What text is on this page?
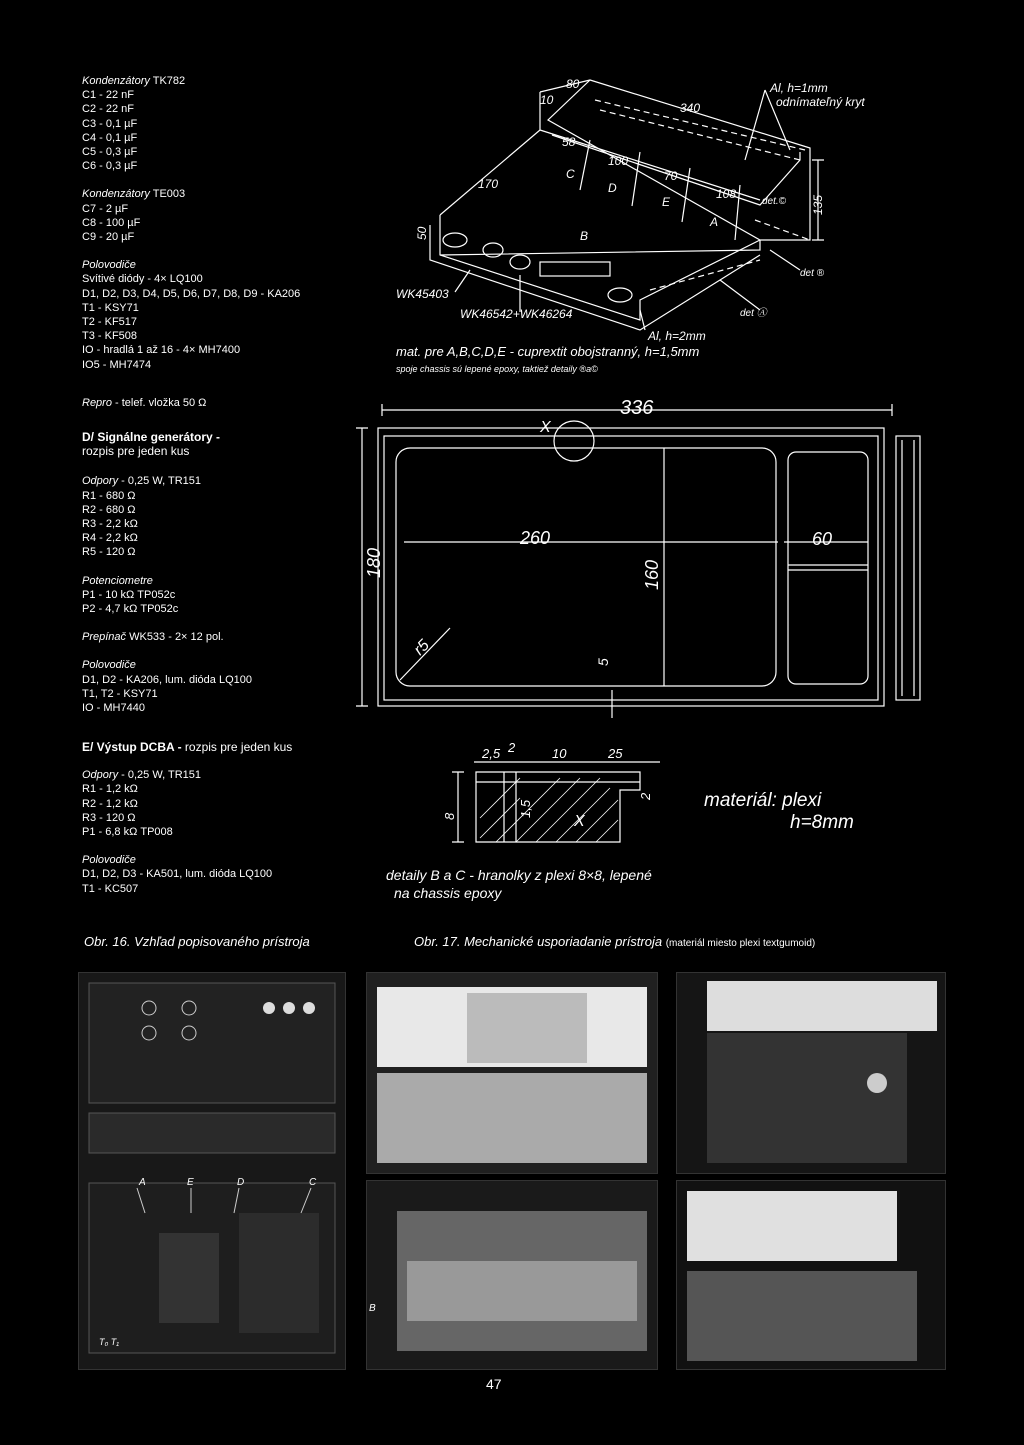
Kondenzátory TK782
C1 - 22 nF
C2 - 22 nF
C3 - 0,1 µF
C4 - 0,1 µF
C5 - 0,3 µF
C6 - 0,3 µF
Kondenzátory TE003
C7 - 2 µF
C8 - 100 µF
C9 - 20 µF
Polovodiče
Svítivé diódy - 4× LQ100
D1, D2, D3, D4, D5, D6, D7, D8, D9 - KA206
T1 - KSY71
T2 - KF517
T3 - KF508
IO - hradlá 1 až 16 - 4× MH7400
IO5 - MH7474
Repro - telef. vložka 50 Ω
D/ Signálne generátory -
rozpis pre jeden kus
Odpory - 0,25 W, TR151
R1 - 680 Ω
R2 - 680 Ω
R3 - 2,2 kΩ
R4 - 2,2 kΩ
R5 - 120 Ω
Potenciometre
P1 - 10 kΩ TP052c
P2 - 4,7 kΩ TP052c
Prepínač WK533 - 2× 12 pol.
Polovodiče
D1, D2 - KA206, lum. dióda LQ100
T1, T2 - KSY71
IO - MH7440
E/ Výstup DCBA - rozpis pre jeden kus
Odpory - 0,25 W, TR151
R1 - 1,2 kΩ
R2 - 1,2 kΩ
R3 - 120 Ω
P1 - 6,8 kΩ TP008
Polovodiče
D1, D2, D3 - KA501, lum. dióda LQ100
T1 - KC507
80
10
340
Al, h=1mm
odnímateľný kryt
58
100
70
108
170
135
50
C
D
E
A
B
det.©
det ®
det Ⓐ
WK45403
WK46542+WK46264
Al, h=2mm
mat. pre A,B,C,D,E - cuprextit obojstranný, h=1,5mm
spoje chassis sú lepené epoxy, taktiež detaily ®a©
336
X
260	60
180	160
r5
5
2,5 2	10	25
8	1,5
2
X
materiál: plexi
h=8mm
detaily B a C - hranolky z plexi 8×8, lepené
na chassis epoxy
Obr. 16. Vzhľad popisovaného prístroja	Obr. 17. Mechanické usporiadanie prístroja (materiál miesto plexi textgumoid)
A	E	D	C
T₀ T₁
B
47
